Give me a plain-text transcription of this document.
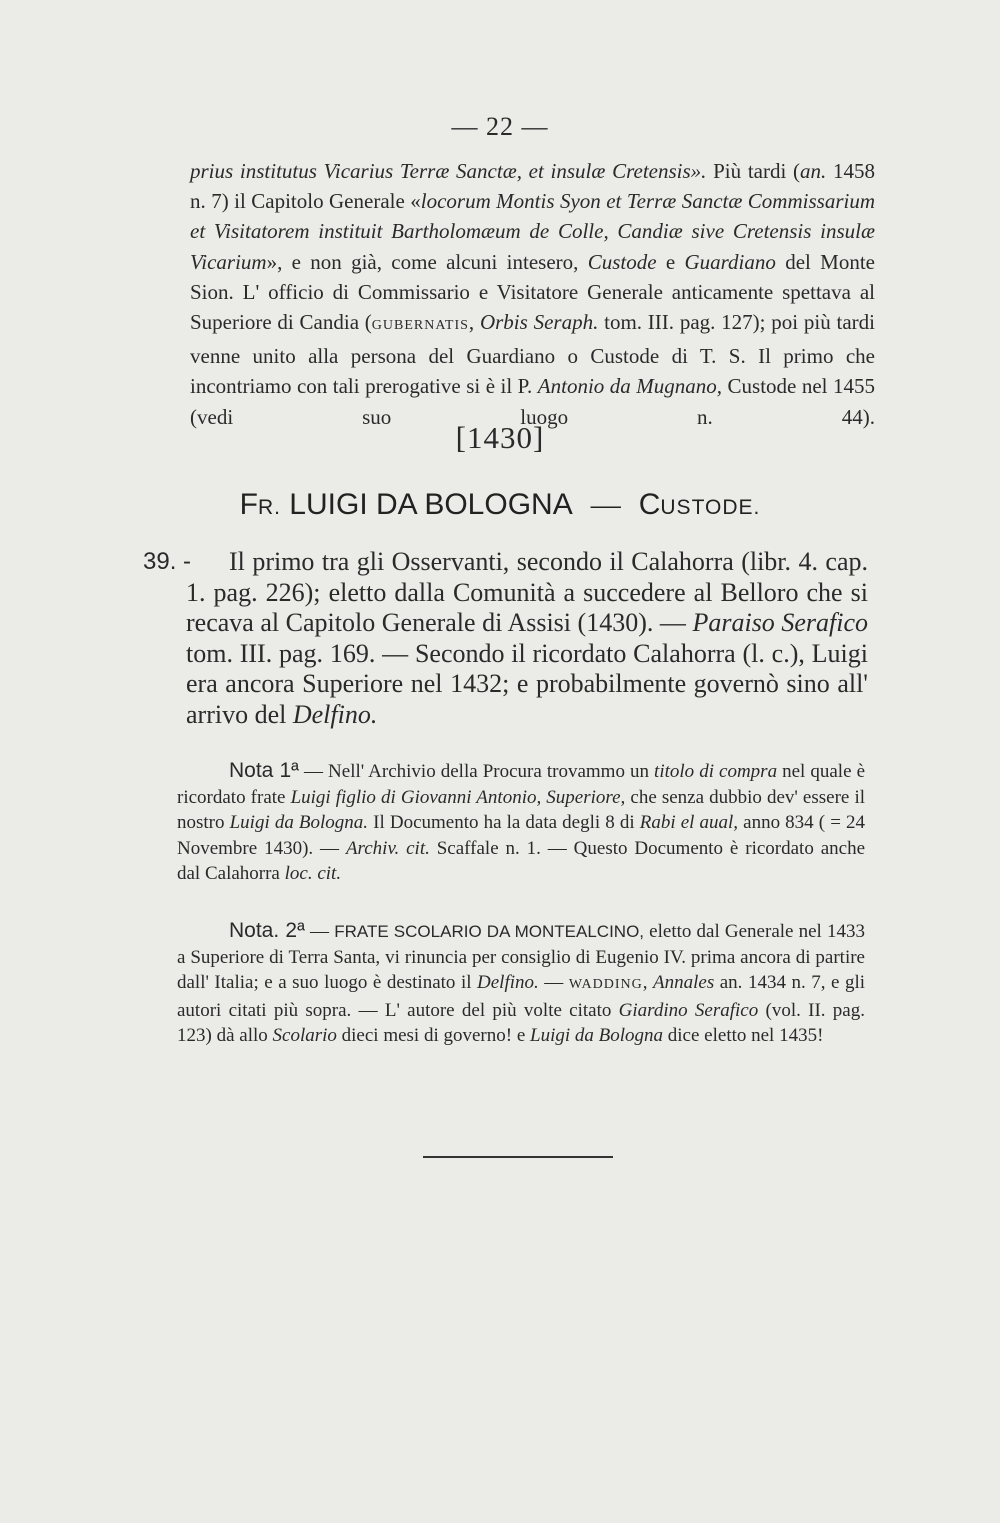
— 22 —

prius institutus Vicarius Terræ Sanctæ, et insulæ Cretensis». Più tardi (an. 1458 n. 7) il Capitolo Generale «locorum Montis Syon et Terræ Sanctæ Commissarium et Visitatorem instituit Bartholomæum de Colle, Candiæ sive Cretensis insulæ Vicarium», e non già, come alcuni intesero, Custode e Guardiano del Monte Sion. L' officio di Commissario e Visitatore Generale anticamente spettava al Superiore di Candia (GUBERNATIS, Orbis Seraph. tom. III. pag. 127); poi più tardi venne unito alla persona del Guardiano o Custode di T. S. Il primo che incontriamo con tali prerogative si è il P. Antonio da Mugnano, Custode nel 1455 (vedi suo luogo n. 44).

[1430]
FR. LUIGI DA BOLOGNA — CUSTODE.
39. - Il primo tra gli Osservanti, secondo il Calahorra (libr. 4. cap. 1. pag. 226); eletto dalla Comunità a succedere al Belloro che si recava al Capitolo Generale di Assisi (1430). — Paraiso Serafico tom. III. pag. 169. — Secondo il ricordato Calahorra (l. c.), Luigi era ancora Superiore nel 1432; e probabilmente governò sino all' arrivo del Delfino.
Nota 1ª — Nell' Archivio della Procura trovammo un titolo di compra nel quale è ricordato frate Luigi figlio di Giovanni Antonio, Superiore, che senza dubbio dev' essere il nostro Luigi da Bologna. Il Documento ha la data degli 8 di Rabi el aual, anno 834 ( = 24 Novembre 1430). — Archiv. cit. Scaffale n. 1. — Questo Documento è ricordato anche dal Calahorra loc. cit.
Nota. 2ª — FRATE SCOLARIO DA MONTEALCINO, eletto dal Generale nel 1433 a Superiore di Terra Santa, vi rinuncia per consiglio di Eugenio IV. prima ancora di partire dall' Italia; e a suo luogo è destinato il Delfino. — WADDING, Annales an. 1434 n. 7, e gli autori citati più sopra. — L' autore del più volte citato Giardino Serafico (vol. II. pag. 123) dà allo Scolario dieci mesi di governo! e Luigi da Bologna dice eletto nel 1435!
